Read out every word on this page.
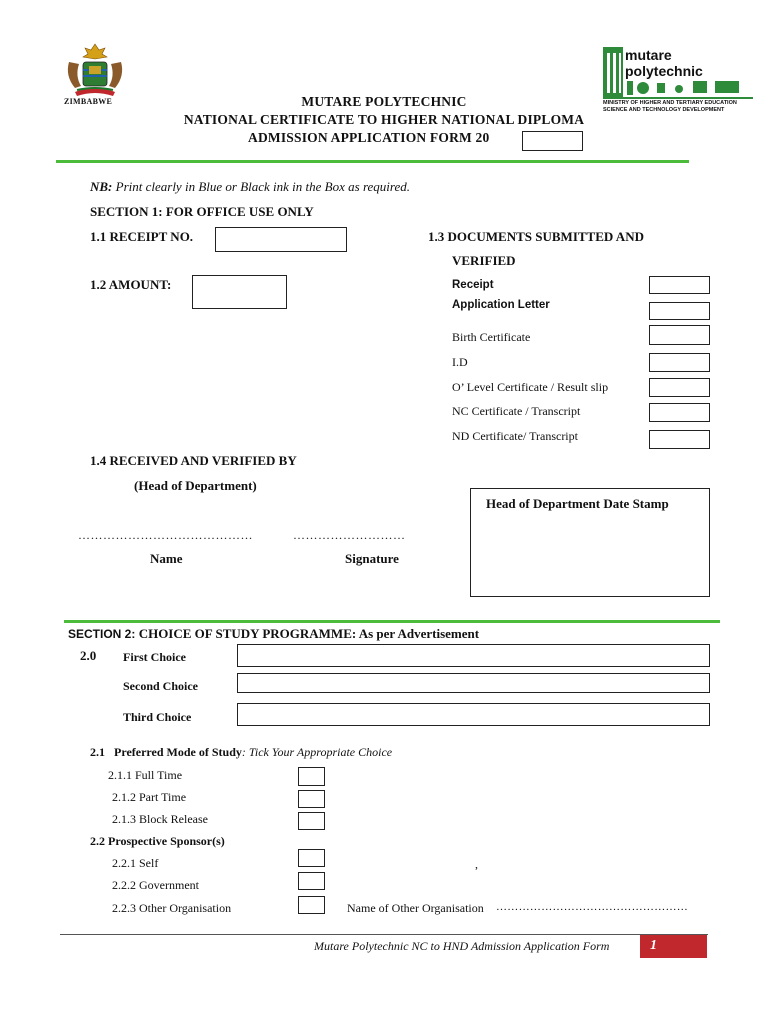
ZIMBABWE
mutare polytechnic
MINISTRY OF HIGHER AND TERTIARY EDUCATION
SCIENCE AND TECHNOLOGY DEVELOPMENT
MUTARE POLYTECHNIC
NATIONAL CERTIFICATE TO HIGHER NATIONAL DIPLOMA
ADMISSION APPLICATION FORM 20
NB: Print clearly in Blue or Black ink in the Box as required.
SECTION 1: FOR OFFICE USE ONLY
1.1 RECEIPT NO.
1.2 AMOUNT:
1.3 DOCUMENTS SUBMITTED AND
VERIFIED
Receipt
Application Letter
Birth Certificate
I.D
O’ Level Certificate / Result slip
NC Certificate / Transcript
ND Certificate/ Transcript
1.4 RECEIVED AND VERIFIED BY
(Head of Department)
Head of Department Date Stamp
……………………………………	………………………
Name	Signature
SECTION 2: CHOICE OF STUDY PROGRAMME: As per Advertisement
2.0 First Choice
Second Choice
Third Choice
2.1 Preferred Mode of Study: Tick Your Appropriate Choice
2.1.1 Full Time
2.1.2 Part Time
2.1.3 Block Release
2.2 Prospective Sponsor(s)
2.2.1 Self	,
2.2.2 Government
2.2.3 Other Organisation	Name of Other Organisation ……………………………………………
Mutare Polytechnic NC to HND Admission Application Form	1
